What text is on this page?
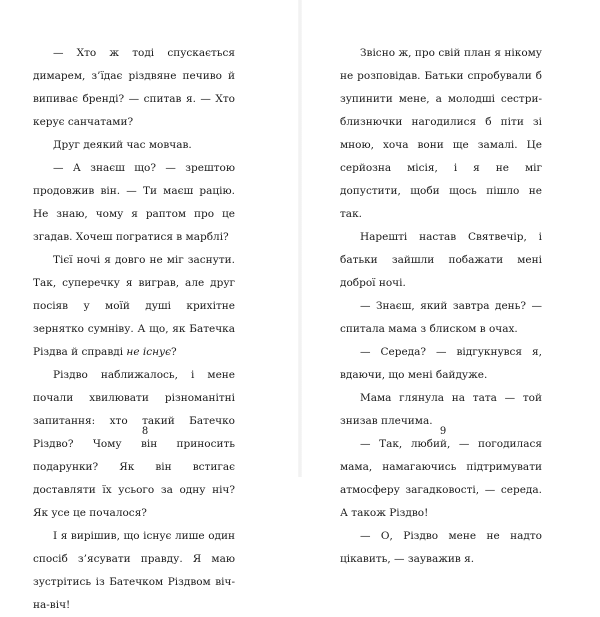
— Хто ж тоді спускається димарем, з’їдає різдвяне печиво й випиває бренді? — спитав я. — Хто керує санчатами?

Друг деякий час мовчав.

— А знаєш що? — зрештою продовжив він. — Ти маєш рацію. Не знаю, чому я раптом про це згадав. Хочеш погратися в марблі?

Тієї ночі я довго не міг заснути. Так, суперечку я виграв, але друг посіяв у моїй душі крихітне зернятко сумніву. А що, як Батечка Різдва й справді не існує?

Різдво наближалось, і мене почали хвилювати різноманітні запитання: хто такий Батечко Різдво? Чому він приносить подарунки? Як він встигає доставляти їх усього за одну ніч? Як усе це почалося?

І я вирішив, що існує лише один спосіб з’ясувати правду. Я маю зустрітись із Батечком Різдвом віч-на-віч!

8

Звісно ж, про свій план я нікому не розповідав. Батьки спробували б зупинити мене, а молодші сестри-близнючки нагодилися б піти зі мною, хоча вони ще замалі. Це серйозна місія, і я не міг допустити, щоби щось пішло не так.

Нарешті настав Святвечір, і батьки зайшли побажати мені доброї ночі.

— Знаєш, який завтра день? — спитала мама з блиском в очах.

— Середа? — відгукнувся я, вдаючи, що мені байдуже.

Мама глянула на тата — той знизав плечима.

— Так, любий, — погодилася мама, намагаючись підтримувати атмосферу загадковості, — середа. А також Різдво!

— О, Різдво мене не надто цікавить, — зауважив я.

9
